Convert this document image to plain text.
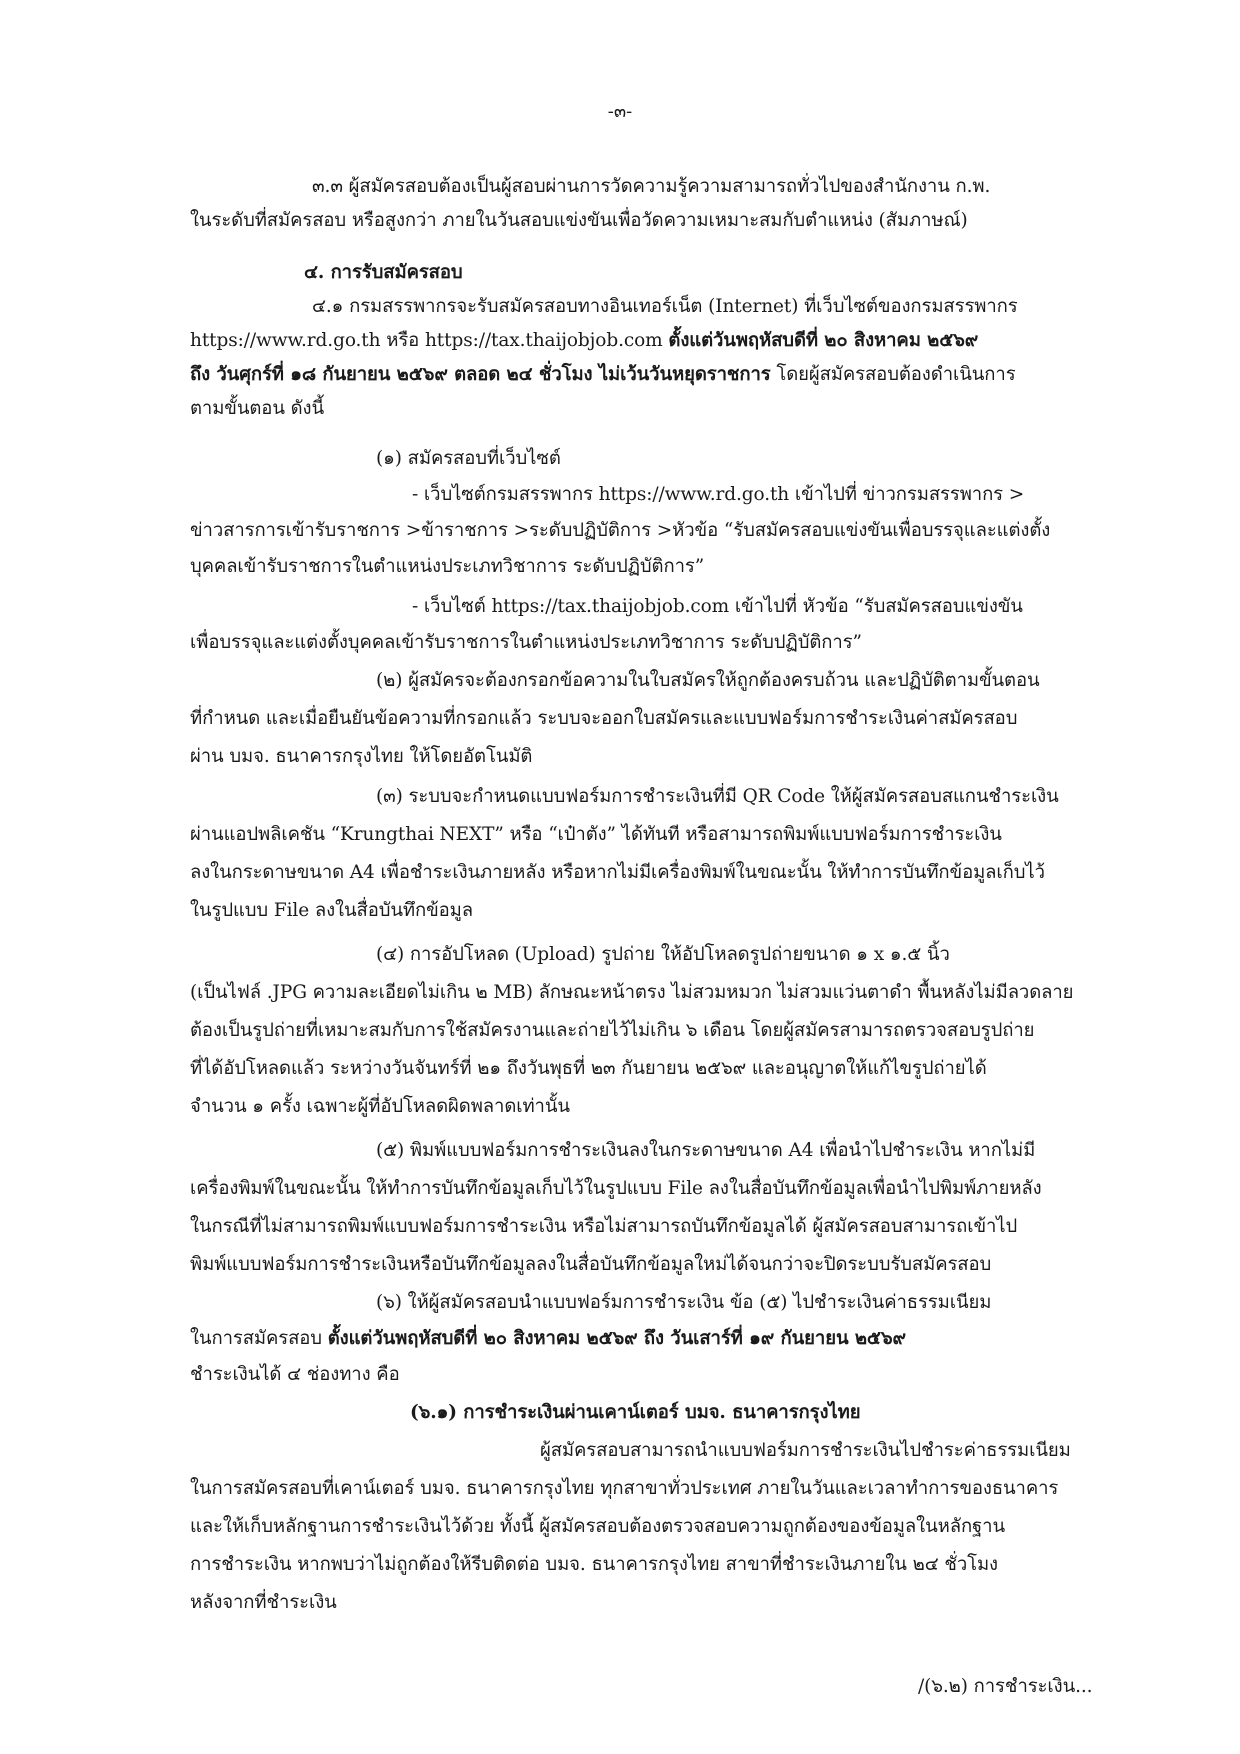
-๓-
๓.๓ ผู้สมัครสอบต้องเป็นผู้สอบผ่านการวัดความรู้ความสามารถทั่วไปของสำนักงาน ก.พ.
ในระดับที่สมัครสอบ หรือสูงกว่า ภายในวันสอบแข่งขันเพื่อวัดความเหมาะสมกับตำแหน่ง (สัมภาษณ์)
๔. การรับสมัครสอบ
๔.๑ กรมสรรพากรจะรับสมัครสอบทางอินเทอร์เน็ต (Internet) ที่เว็บไซต์ของกรมสรรพากร
https://www.rd.go.th หรือ https://tax.thaijobjob.com ตั้งแต่วันพฤหัสบดีที่ ๒๐ สิงหาคม ๒๕๖๙
ถึง วันศุกร์ที่ ๑๘ กันยายน ๒๕๖๙ ตลอด ๒๔ ชั่วโมง ไม่เว้นวันหยุดราชการ โดยผู้สมัครสอบต้องดำเนินการ
ตามขั้นตอน ดังนี้
(๑) สมัครสอบที่เว็บไซต์
- เว็บไซต์กรมสรรพากร https://www.rd.go.th เข้าไปที่ ข่าวกรมสรรพากร >
ข่าวสารการเข้ารับราชการ >ข้าราชการ >ระดับปฏิบัติการ >หัวข้อ “รับสมัครสอบแข่งขันเพื่อบรรจุและแต่งตั้ง
บุคคลเข้ารับราชการในตำแหน่งประเภทวิชาการ ระดับปฏิบัติการ”
- เว็บไซต์ https://tax.thaijobjob.com เข้าไปที่ หัวข้อ “รับสมัครสอบแข่งขัน
เพื่อบรรจุและแต่งตั้งบุคคลเข้ารับราชการในตำแหน่งประเภทวิชาการ ระดับปฏิบัติการ”
(๒) ผู้สมัครจะต้องกรอกข้อความในใบสมัครให้ถูกต้องครบถ้วน และปฏิบัติตามขั้นตอน
ที่กำหนด และเมื่อยืนยันข้อความที่กรอกแล้ว ระบบจะออกใบสมัครและแบบฟอร์มการชำระเงินค่าสมัครสอบ
ผ่าน บมจ. ธนาคารกรุงไทย ให้โดยอัตโนมัติ
(๓) ระบบจะกำหนดแบบฟอร์มการชำระเงินที่มี QR Code ให้ผู้สมัครสอบสแกนชำระเงิน
ผ่านแอปพลิเคชัน “Krungthai NEXT” หรือ “เป๋าตัง” ได้ทันที หรือสามารถพิมพ์แบบฟอร์มการชำระเงิน
ลงในกระดาษขนาด A4 เพื่อชำระเงินภายหลัง หรือหากไม่มีเครื่องพิมพ์ในขณะนั้น ให้ทำการบันทึกข้อมูลเก็บไว้
ในรูปแบบ File ลงในสื่อบันทึกข้อมูล
(๔) การอัปโหลด (Upload) รูปถ่าย ให้อัปโหลดรูปถ่ายขนาด ๑ x ๑.๕ นิ้ว
(เป็นไฟล์ .JPG ความละเอียดไม่เกิน ๒ MB) ลักษณะหน้าตรง ไม่สวมหมวก ไม่สวมแว่นตาดำ พื้นหลังไม่มีลวดลาย
ต้องเป็นรูปถ่ายที่เหมาะสมกับการใช้สมัครงานและถ่ายไว้ไม่เกิน ๖ เดือน โดยผู้สมัครสามารถตรวจสอบรูปถ่าย
ที่ได้อัปโหลดแล้ว ระหว่างวันจันทร์ที่ ๒๑ ถึงวันพุธที่ ๒๓ กันยายน ๒๕๖๙ และอนุญาตให้แก้ไขรูปถ่ายได้
จำนวน ๑ ครั้ง เฉพาะผู้ที่อัปโหลดผิดพลาดเท่านั้น
(๕) พิมพ์แบบฟอร์มการชำระเงินลงในกระดาษขนาด A4 เพื่อนำไปชำระเงิน หากไม่มี
เครื่องพิมพ์ในขณะนั้น ให้ทำการบันทึกข้อมูลเก็บไว้ในรูปแบบ File ลงในสื่อบันทึกข้อมูลเพื่อนำไปพิมพ์ภายหลัง
ในกรณีที่ไม่สามารถพิมพ์แบบฟอร์มการชำระเงิน หรือไม่สามารถบันทึกข้อมูลได้ ผู้สมัครสอบสามารถเข้าไป
พิมพ์แบบฟอร์มการชำระเงินหรือบันทึกข้อมูลลงในสื่อบันทึกข้อมูลใหม่ได้จนกว่าจะปิดระบบรับสมัครสอบ
(๖) ให้ผู้สมัครสอบนำแบบฟอร์มการชำระเงิน ข้อ (๕) ไปชำระเงินค่าธรรมเนียม
ในการสมัครสอบ ตั้งแต่วันพฤหัสบดีที่ ๒๐ สิงหาคม ๒๕๖๙ ถึง วันเสาร์ที่ ๑๙ กันยายน ๒๕๖๙
ชำระเงินได้ ๔ ช่องทาง คือ
(๖.๑) การชำระเงินผ่านเคาน์เตอร์ บมจ. ธนาคารกรุงไทย
ผู้สมัครสอบสามารถนำแบบฟอร์มการชำระเงินไปชำระค่าธรรมเนียม
ในการสมัครสอบที่เคาน์เตอร์ บมจ. ธนาคารกรุงไทย ทุกสาขาทั่วประเทศ ภายในวันและเวลาทำการของธนาคาร
และให้เก็บหลักฐานการชำระเงินไว้ด้วย ทั้งนี้ ผู้สมัครสอบต้องตรวจสอบความถูกต้องของข้อมูลในหลักฐาน
การชำระเงิน หากพบว่าไม่ถูกต้องให้รีบติดต่อ บมจ. ธนาคารกรุงไทย สาขาที่ชำระเงินภายใน ๒๔ ชั่วโมง
หลังจากที่ชำระเงิน
/(๖.๒) การชำระเงิน...
